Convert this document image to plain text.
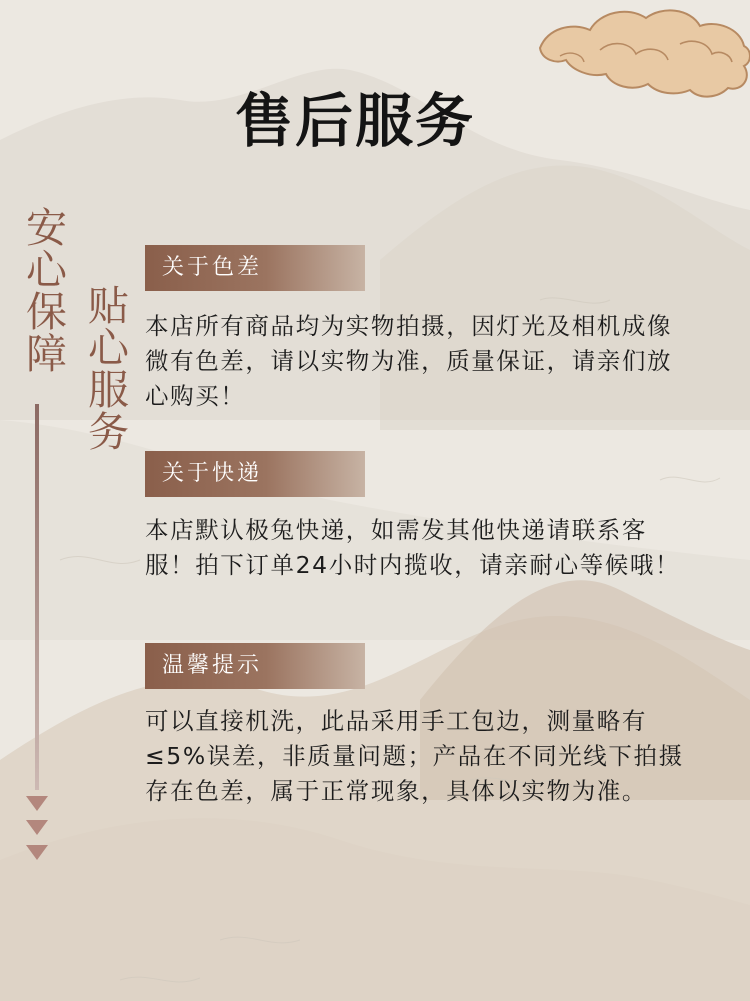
售后服务
安心保障 贴心服务
关于色差

本店所有商品均为实物拍摄，因灯光及相机成像微有色差，请以实物为准，质量保证，请亲们放心购买！

关于快递

本店默认极兔快递，如需发其他快递请联系客服！拍下订单24小时内揽收，请亲耐心等候哦！

温馨提示

可以直接机洗，此品采用手工包边，测量略有≤5%误差，非质量问题；产品在不同光线下拍摄存在色差，属于正常现象，具体以实物为准。
